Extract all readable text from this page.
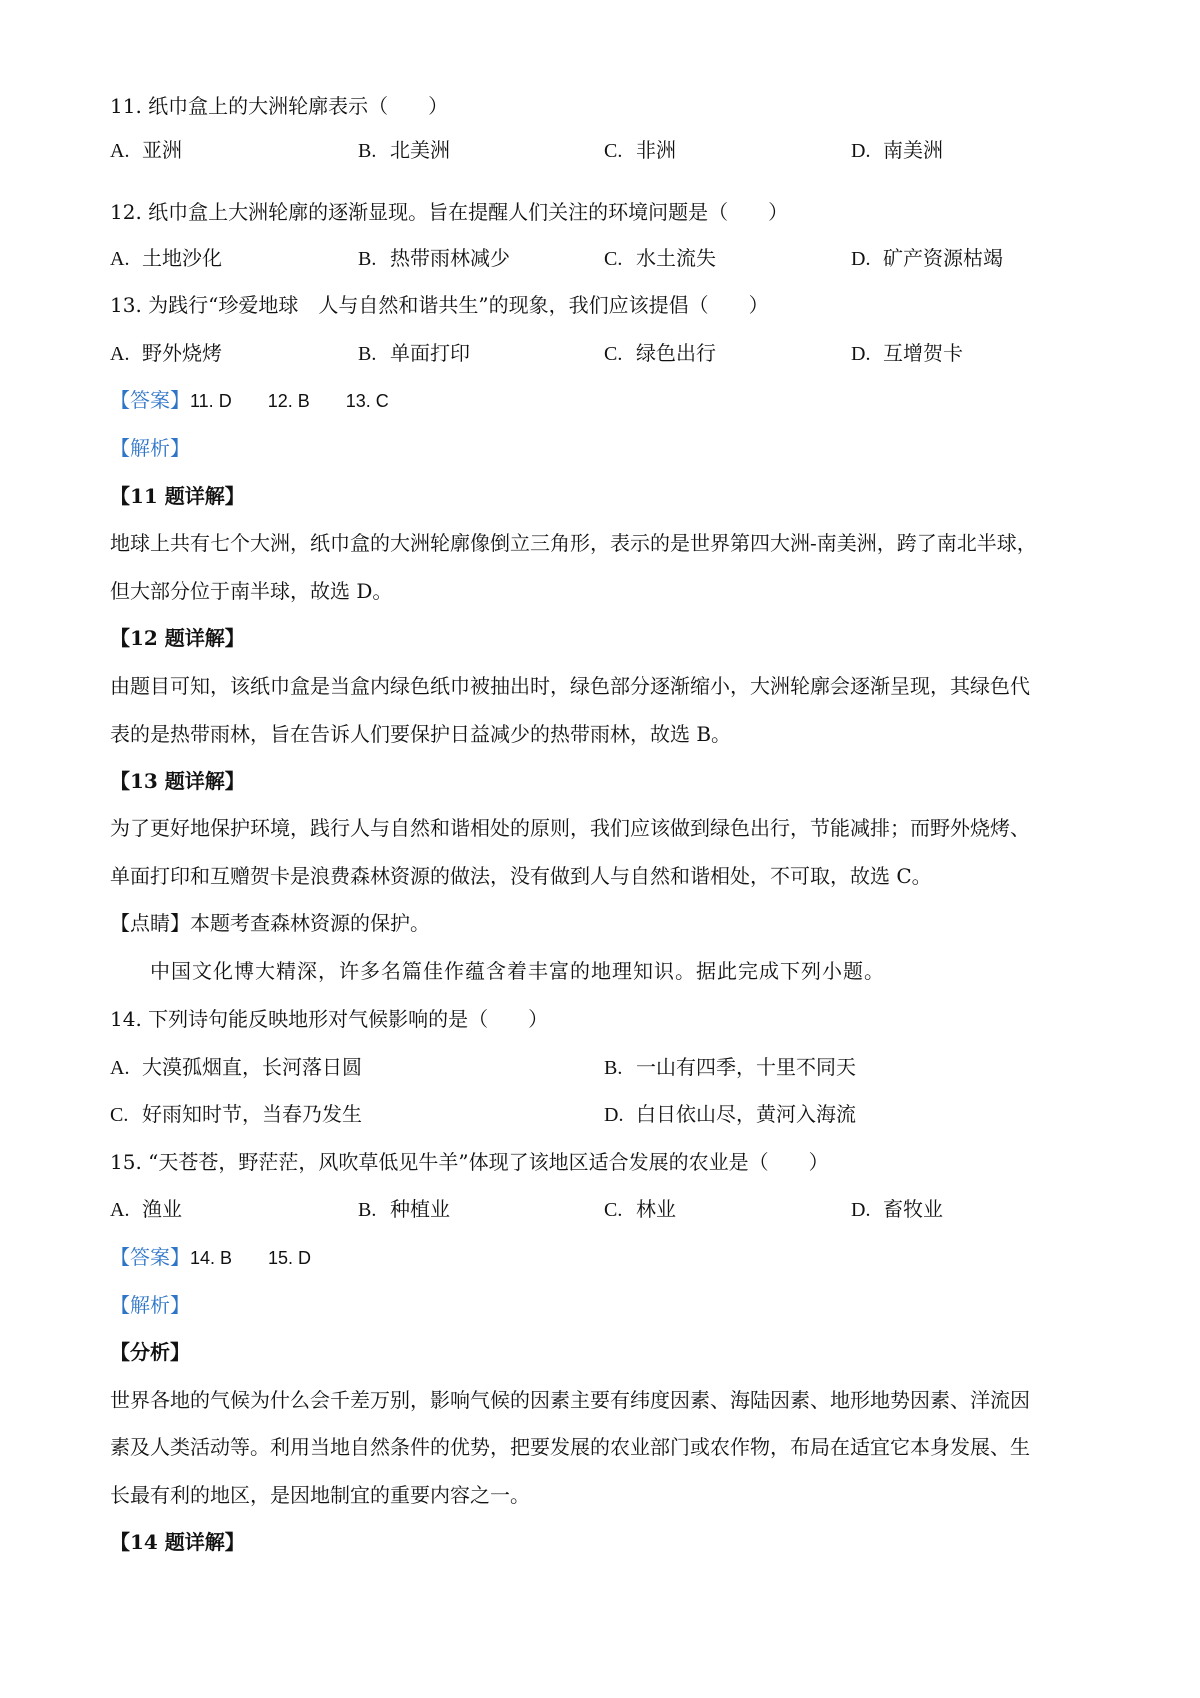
11. 纸巾盒上的大洲轮廓表示（　　）
A. 亚洲	B. 北美洲	C. 非洲	D. 南美洲
12. 纸巾盒上大洲轮廓的逐渐显现。旨在提醒人们关注的环境问题是（　　）
A. 土地沙化	B. 热带雨林减少	C. 水土流失	D. 矿产资源枯竭
13. 为践行“珍爱地球　人与自然和谐共生”的现象，我们应该提倡（　　）
A. 野外烧烤	B. 单面打印	C. 绿色出行	D. 互增贺卡
【答案】11. D 12. B 13. C
【解析】
【11 题详解】
地球上共有七个大洲，纸巾盒的大洲轮廓像倒立三角形，表示的是世界第四大洲-南美洲，跨了南北半球，
但大部分位于南半球，故选 D。
【12 题详解】
由题目可知，该纸巾盒是当盒内绿色纸巾被抽出时，绿色部分逐渐缩小，大洲轮廓会逐渐呈现，其绿色代
表的是热带雨林，旨在告诉人们要保护日益减少的热带雨林，故选 B。
【13 题详解】
为了更好地保护环境，践行人与自然和谐相处的原则，我们应该做到绿色出行，节能减排；而野外烧烤、
单面打印和互赠贺卡是浪费森林资源的做法，没有做到人与自然和谐相处，不可取，故选 C。
【点睛】本题考查森林资源的保护。
中国文化博大精深，许多名篇佳作蕴含着丰富的地理知识。据此完成下列小题。
14. 下列诗句能反映地形对气候影响的是（　　）
A. 大漠孤烟直，长河落日圆	B. 一山有四季，十里不同天
C. 好雨知时节，当春乃发生	D. 白日依山尽，黄河入海流
15. “天苍苍，野茫茫，风吹草低见牛羊”体现了该地区适合发展的农业是（　　）
A. 渔业	B. 种植业	C. 林业	D. 畜牧业
【答案】14. B 15. D
【解析】
【分析】
世界各地的气候为什么会千差万别，影响气候的因素主要有纬度因素、海陆因素、地形地势因素、洋流因
素及人类活动等。利用当地自然条件的优势，把要发展的农业部门或农作物，布局在适宜它本身发展、生
长最有利的地区，是因地制宜的重要内容之一。
【14 题详解】
